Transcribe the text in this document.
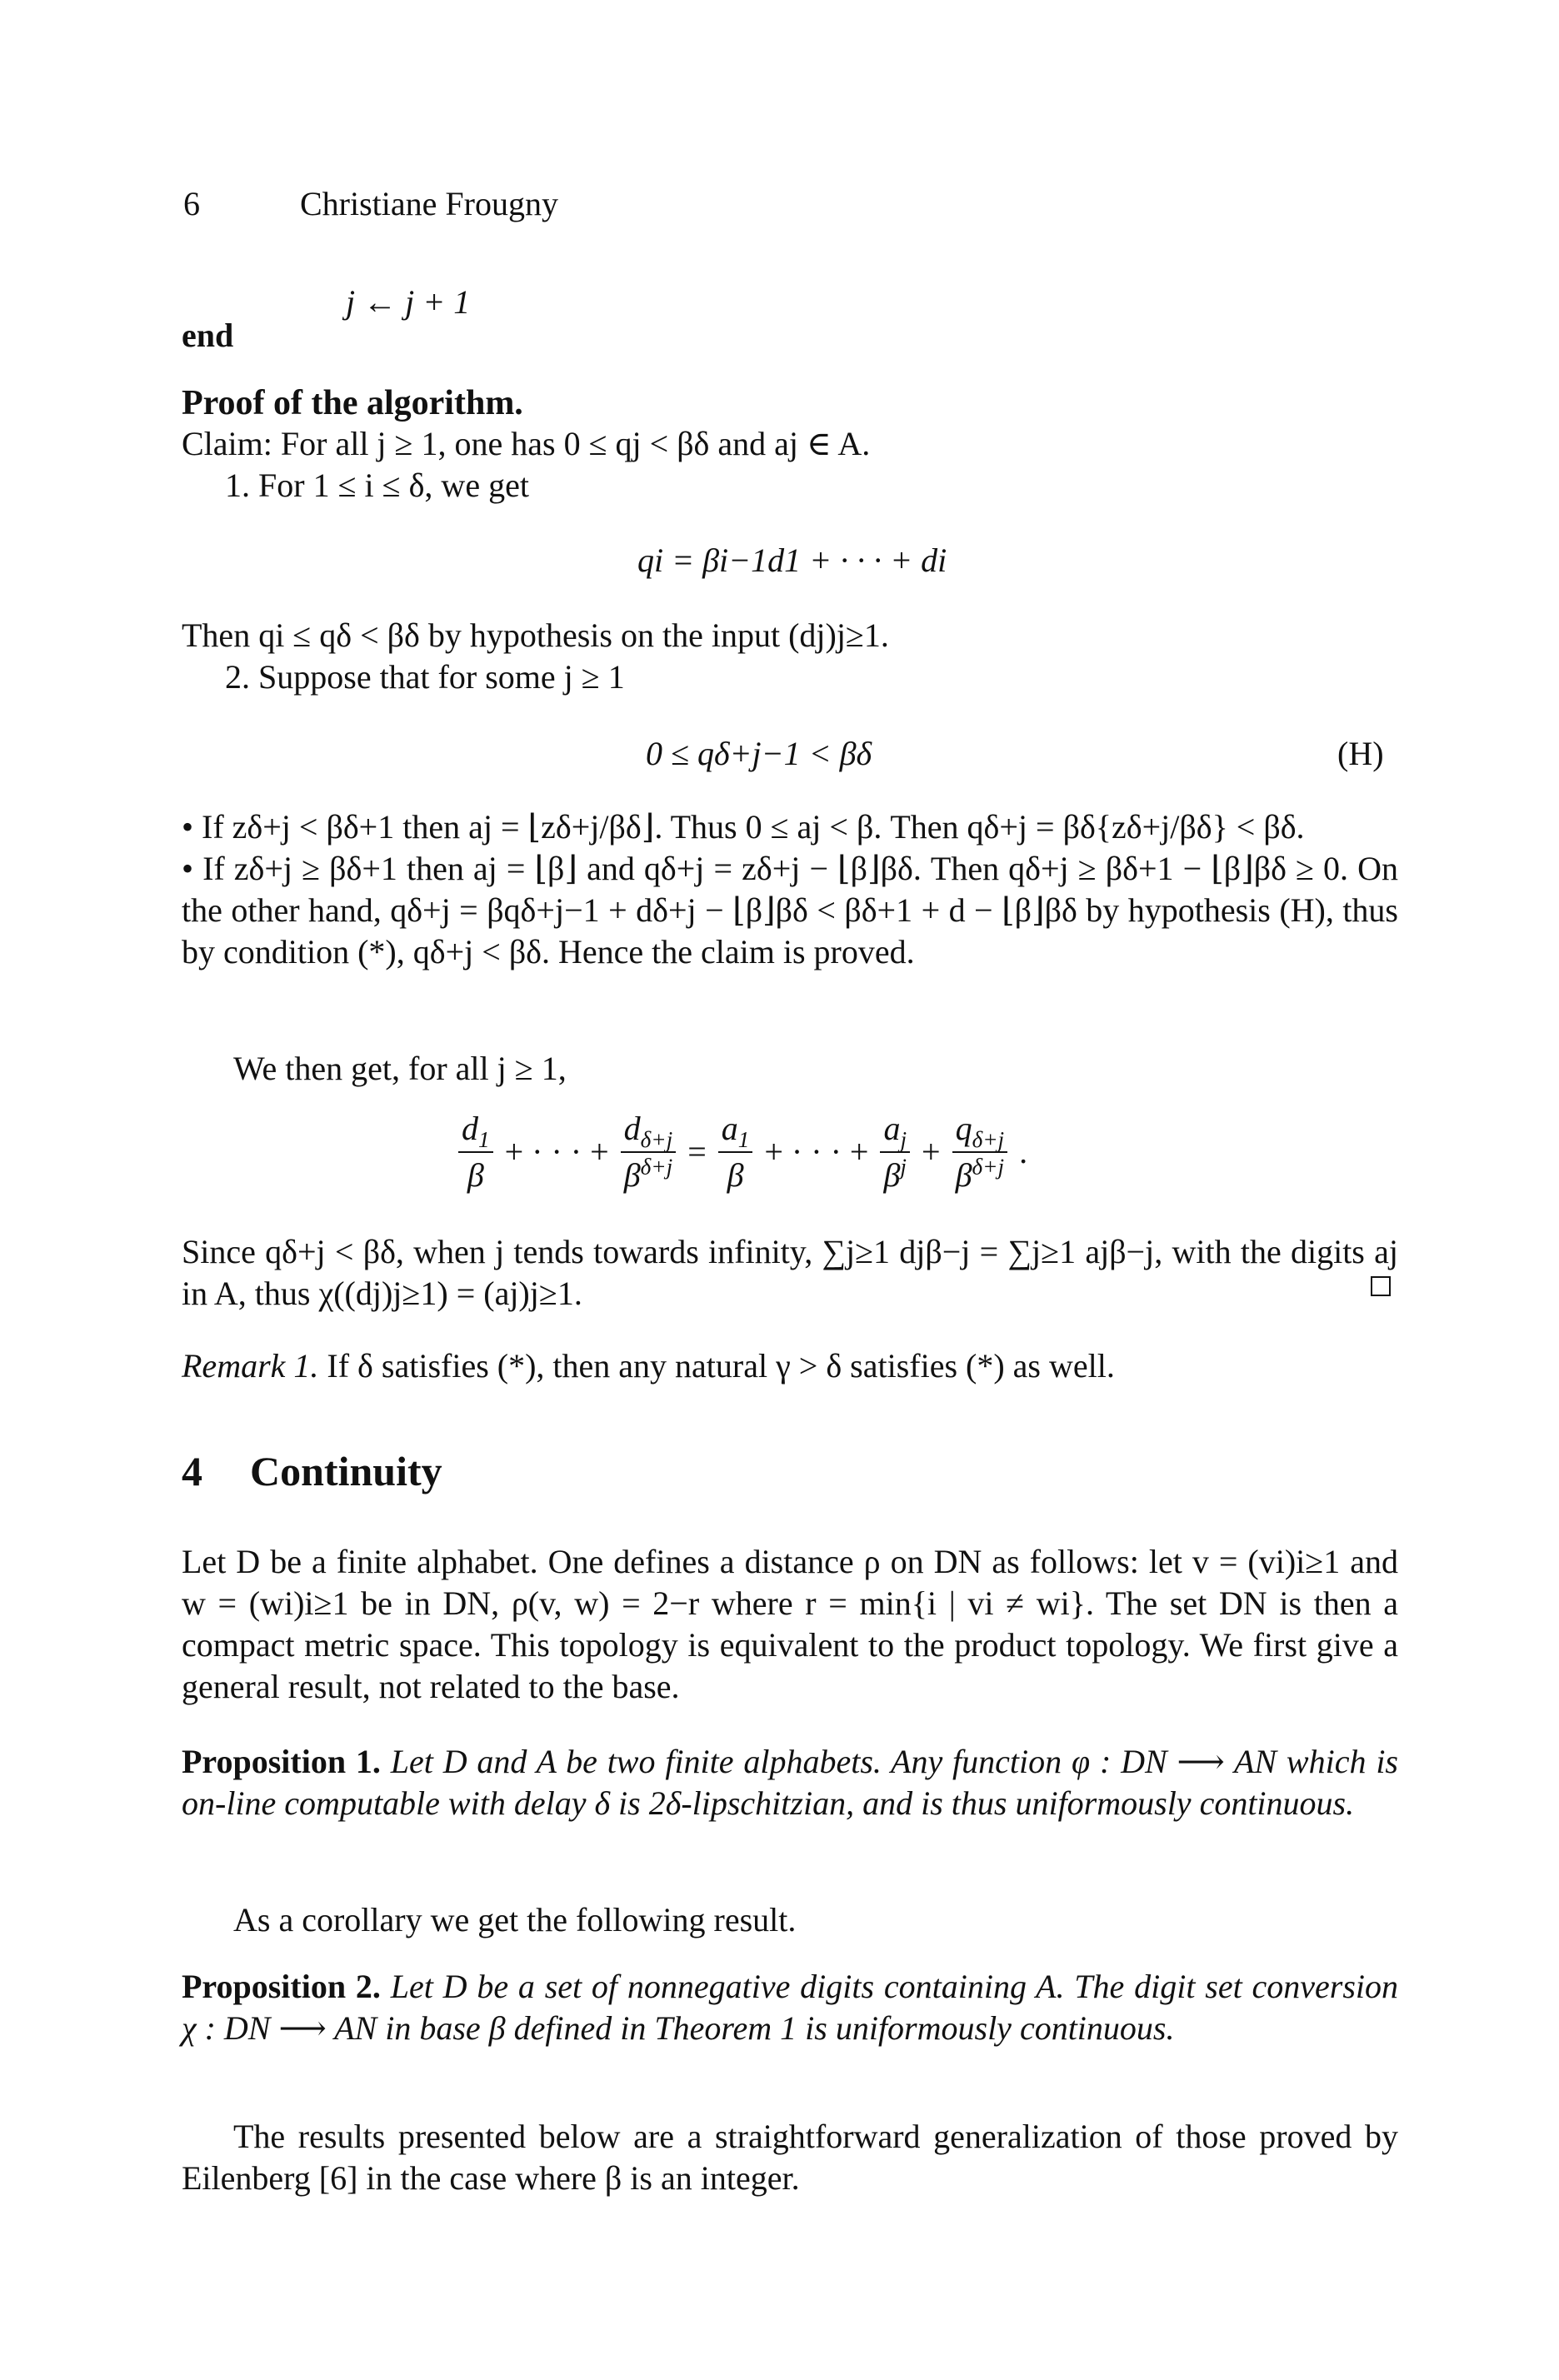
6	Christiane Frougny
j ← j + 1
end
Proof of the algorithm.
Claim: For all j ≥ 1, one has 0 ≤ qj < βδ and aj ∈ A.
1. For 1 ≤ i ≤ δ, we get
qi = βi−1d1 + · · · + di
Then qi ≤ qδ < βδ by hypothesis on the input (dj)j≥1.
2. Suppose that for some j ≥ 1
0 ≤ qδ+j−1 < βδ	(H)

• If zδ+j < βδ+1 then aj = ⌊zδ+j/βδ⌋. Thus 0 ≤ aj < β. Then qδ+j = βδ{zδ+j/βδ} < βδ.

• If zδ+j ≥ βδ+1 then aj = ⌊β⌋ and qδ+j = zδ+j − ⌊β⌋βδ. Then qδ+j ≥ βδ+1 − ⌊β⌋βδ ≥ 0. On the other hand, qδ+j = βqδ+j−1 + dδ+j − ⌊β⌋βδ < βδ+1 + d − ⌊β⌋βδ by hypothesis (H), thus by condition (*), qδ+j < βδ. Hence the claim is proved.

We then get, for all j ≥ 1,
$\frac{d_1}{\beta}$ + · · · + $\frac{d_{\delta+j}}{\beta^{\delta+j}} = \frac{a_1}{\beta}$ + · · · + $\frac{a_j}{\beta^j} + \frac{q_{\delta+j}}{\beta^{\delta+j}}$ .
Since qδ+j < βδ, when j tends towards infinity, ∑j≥1 djβ−j = ∑j≥1 ajβ−j, with the digits aj in A, thus χ((dj)j≥1) = (aj)j≥1.
Remark 1. If δ satisfies (*), then any natural γ > δ satisfies (*) as well.
4 Continuity
Let D be a finite alphabet. One defines a distance ρ on DN as follows: let v = (vi)i≥1 and w = (wi)i≥1 be in DN, ρ(v, w) = 2−r where r = min{i | vi ≠ wi}. The set DN is then a compact metric space. This topology is equivalent to the product topology. We first give a general result, not related to the base.
Proposition 1. Let D and A be two finite alphabets. Any function φ : DN ⟶ AN which is on-line computable with delay δ is 2δ-lipschitzian, and is thus uniformously continuous.
As a corollary we get the following result.
Proposition 2. Let D be a set of nonnegative digits containing A. The digit set conversion χ : DN ⟶ AN in base β defined in Theorem 1 is uniformously continuous.
The results presented below are a straightforward generalization of those proved by Eilenberg [6] in the case where β is an integer.
